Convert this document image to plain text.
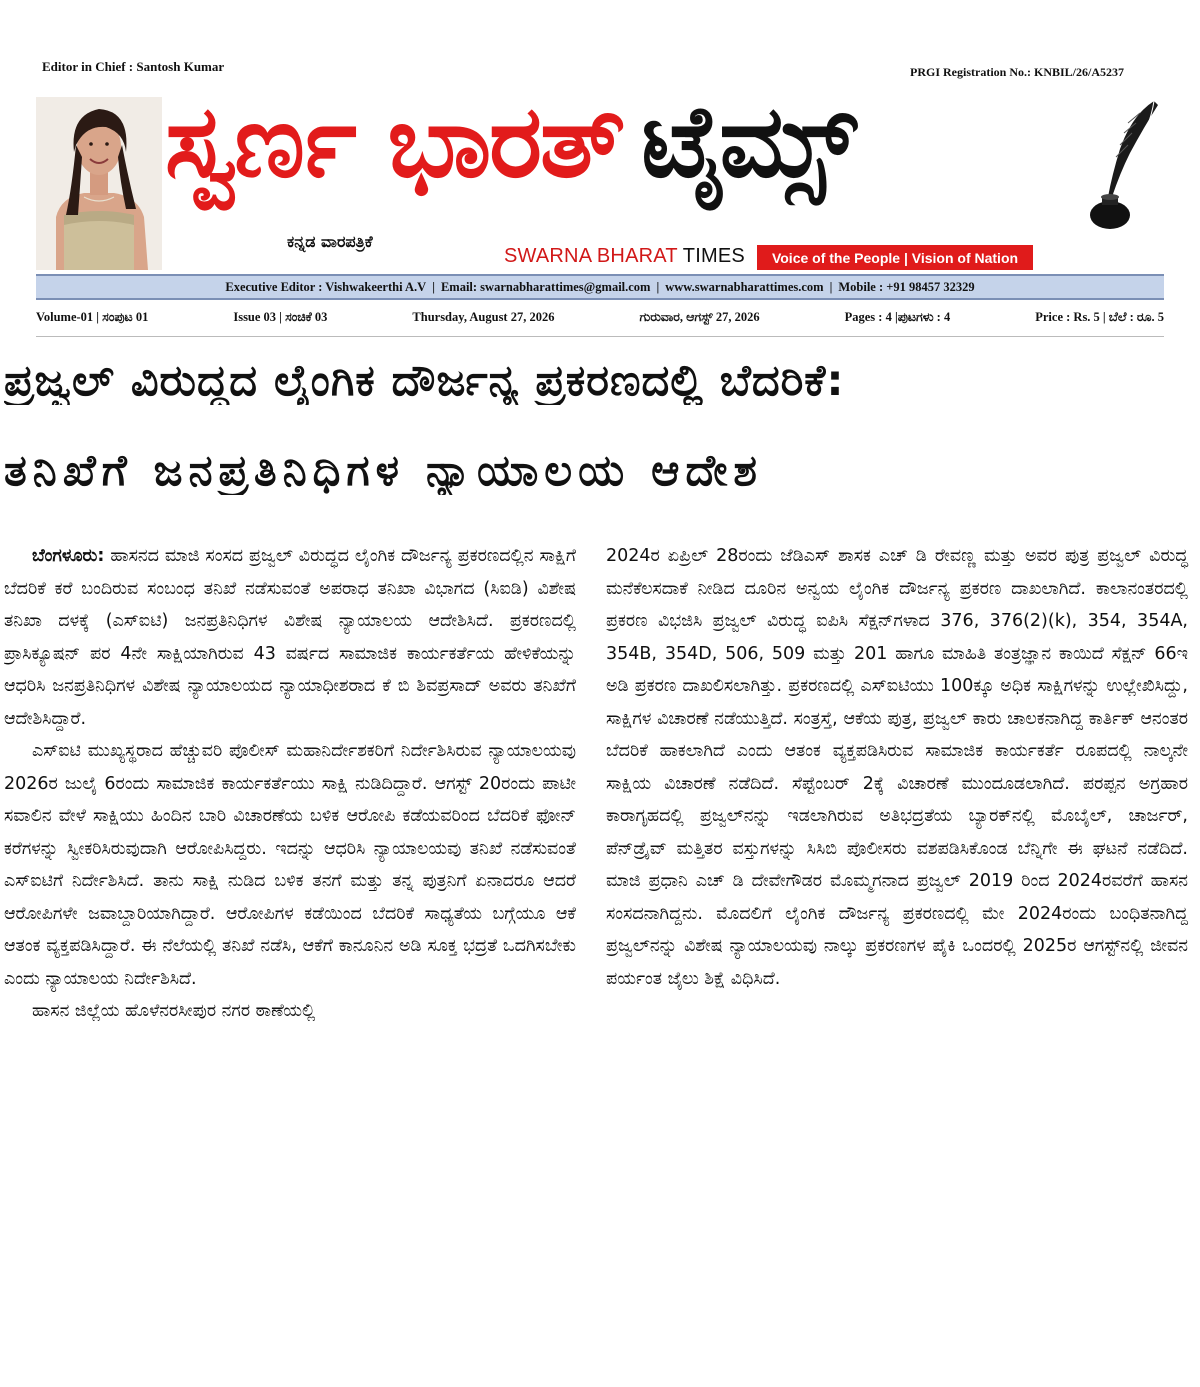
Editor in Chief : Santosh Kumar	PRGI Registration No.: KNBIL/26/A5237
ಸ್ವರ್ಣ ಭಾರತ್ ಟೈಮ್ಸ್
ಕನ್ನಡ ವಾರಪತ್ರಿಕೆ
SWARNA BHARAT TIMES	Voice of the People | Vision of Nation
Executive Editor : Vishwakeerthi A.V | Email: swarnabharattimes@gmail.com | www.swarnabharattimes.com | Mobile : +91 98457 32329
Volume-01 | ಸಂಪುಟ 01	Issue 03 | ಸಂಚಿಕೆ 03	Thursday, August 27, 2026	ಗುರುವಾರ, ಆಗಸ್ಟ್ 27, 2026	Pages : 4 |ಪುಟಗಳು : 4	Price : Rs. 5 | ಬೆಲೆ : ರೂ. 5
ಪ್ರಜ್ವಲ್ ವಿರುದ್ಧದ ಲೈಂಗಿಕ ದೌರ್ಜನ್ಯ ಪ್ರಕರಣದಲ್ಲಿ ಬೆದರಿಕೆ:
ತನಿಖೆಗೆ ಜನಪ್ರತಿನಿಧಿಗಳ ನ್ಯಾಯಾಲಯ ಆದೇಶ

ಬೆಂಗಳೂರು: ಹಾಸನದ ಮಾಜಿ ಸಂಸದ ಪ್ರಜ್ವಲ್ ವಿರುದ್ಧದ ಲೈಂಗಿಕ ದೌರ್ಜನ್ಯ ಪ್ರಕರಣದಲ್ಲಿನ ಸಾಕ್ಷಿಗೆ ಬೆದರಿಕೆ ಕರೆ ಬಂದಿರುವ ಸಂಬಂಧ ತನಿಖೆ ನಡೆಸುವಂತೆ ಅಪರಾಧ ತನಿಖಾ ವಿಭಾಗದ (ಸಿಐಡಿ) ವಿಶೇಷ ತನಿಖಾ ದಳಕ್ಕೆ (ಎಸ್‌ಐಟಿ) ಜನಪ್ರತಿನಿಧಿಗಳ ವಿಶೇಷ ನ್ಯಾಯಾಲಯ ಆದೇಶಿಸಿದೆ. ಪ್ರಕರಣದಲ್ಲಿ ಪ್ರಾಸಿಕ್ಯೂಷನ್ ಪರ 4ನೇ ಸಾಕ್ಷಿಯಾಗಿರುವ 43 ವರ್ಷದ ಸಾಮಾಜಿಕ ಕಾರ್ಯಕರ್ತೆಯ ಹೇಳಿಕೆಯನ್ನು ಆಧರಿಸಿ ಜನಪ್ರತಿನಿಧಿಗಳ ವಿಶೇಷ ನ್ಯಾಯಾಲಯದ ನ್ಯಾಯಾಧೀಶರಾದ ಕೆ ಬಿ ಶಿವಪ್ರಸಾದ್ ಅವರು ತನಿಖೆಗೆ ಆದೇಶಿಸಿದ್ದಾರೆ.

ಎಸ್‌ಐಟಿ ಮುಖ್ಯಸ್ಥರಾದ ಹೆಚ್ಚುವರಿ ಪೊಲೀಸ್ ಮಹಾನಿರ್ದೇಶಕರಿಗೆ ನಿರ್ದೇಶಿಸಿರುವ ನ್ಯಾಯಾಲಯವು 2026ರ ಜುಲೈ 6ರಂದು ಸಾಮಾಜಿಕ ಕಾರ್ಯಕರ್ತೆಯು ಸಾಕ್ಷಿ ನುಡಿದಿದ್ದಾರೆ. ಆಗಸ್ಟ್ 20ರಂದು ಪಾಟೀ ಸವಾಲಿನ ವೇಳೆ ಸಾಕ್ಷಿಯು ಹಿಂದಿನ ಬಾರಿ ವಿಚಾರಣೆಯ ಬಳಿಕ ಆರೋಪಿ ಕಡೆಯವರಿಂದ ಬೆದರಿಕೆ ಫೋನ್ ಕರೆಗಳನ್ನು ಸ್ವೀಕರಿಸಿರುವುದಾಗಿ ಆರೋಪಿಸಿದ್ದರು. ಇದನ್ನು ಆಧರಿಸಿ ನ್ಯಾಯಾಲಯವು ತನಿಖೆ ನಡೆಸುವಂತೆ ಎಸ್‌ಐಟಿಗೆ ನಿರ್ದೇಶಿಸಿದೆ. ತಾನು ಸಾಕ್ಷಿ ನುಡಿದ ಬಳಿಕ ತನಗೆ ಮತ್ತು ತನ್ನ ಪುತ್ರನಿಗೆ ಏನಾದರೂ ಆದರೆ ಆರೋಪಿಗಳೇ ಜವಾಬ್ದಾರಿಯಾಗಿದ್ದಾರೆ. ಆರೋಪಿಗಳ ಕಡೆಯಿಂದ ಬೆದರಿಕೆ ಸಾಧ್ಯತೆಯ ಬಗ್ಗೆಯೂ ಆಕೆ ಆತಂಕ ವ್ಯಕ್ತಪಡಿಸಿದ್ದಾರೆ. ಈ ನೆಲೆಯಲ್ಲಿ ತನಿಖೆ ನಡೆಸಿ, ಆಕೆಗೆ ಕಾನೂನಿನ ಅಡಿ ಸೂಕ್ತ ಭದ್ರತೆ ಒದಗಿಸಬೇಕು ಎಂದು ನ್ಯಾಯಾಲಯ ನಿರ್ದೇಶಿಸಿದೆ.

ಹಾಸನ ಜಿಲ್ಲೆಯ ಹೊಳೆನರಸೀಪುರ ನಗರ ಠಾಣೆಯಲ್ಲಿ

2024ರ ಏಪ್ರಿಲ್ 28ರಂದು ಜೆಡಿಎಸ್ ಶಾಸಕ ಎಚ್ ಡಿ ರೇವಣ್ಣ ಮತ್ತು ಅವರ ಪುತ್ರ ಪ್ರಜ್ವಲ್ ವಿರುದ್ಧ ಮನೆಕೆಲಸದಾಕೆ ನೀಡಿದ ದೂರಿನ ಅನ್ವಯ ಲೈಂಗಿಕ ದೌರ್ಜನ್ಯ ಪ್ರಕರಣ ದಾಖಲಾಗಿದೆ. ಕಾಲಾನಂತರದಲ್ಲಿ ಪ್ರಕರಣ ವಿಭಜಿಸಿ ಪ್ರಜ್ವಲ್ ವಿರುದ್ಧ ಐಪಿಸಿ ಸೆಕ್ಷನ್‌ಗಳಾದ 376, 376(2)(k), 354, 354A, 354B, 354D, 506, 509 ಮತ್ತು 201 ಹಾಗೂ ಮಾಹಿತಿ ತಂತ್ರಜ್ಞಾನ ಕಾಯಿದೆ ಸೆಕ್ಷನ್ 66ಇ ಅಡಿ ಪ್ರಕರಣ ದಾಖಲಿಸಲಾಗಿತ್ತು. ಪ್ರಕರಣದಲ್ಲಿ ಎಸ್‌ಐಟಿಯು 100ಕ್ಕೂ ಅಧಿಕ ಸಾಕ್ಷಿಗಳನ್ನು ಉಲ್ಲೇಖಿಸಿದ್ದು, ಸಾಕ್ಷಿಗಳ ವಿಚಾರಣೆ ನಡೆಯುತ್ತಿದೆ. ಸಂತ್ರಸ್ತೆ, ಆಕೆಯ ಪುತ್ರ, ಪ್ರಜ್ವಲ್ ಕಾರು ಚಾಲಕನಾಗಿದ್ದ ಕಾರ್ತಿಕ್ ಆನಂತರ ಬೆದರಿಕೆ ಹಾಕಲಾಗಿದೆ ಎಂದು ಆತಂಕ ವ್ಯಕ್ತಪಡಿಸಿರುವ ಸಾಮಾಜಿಕ ಕಾರ್ಯಕರ್ತೆ ರೂಪದಲ್ಲಿ ನಾಲ್ಕನೇ ಸಾಕ್ಷಿಯ ವಿಚಾರಣೆ ನಡೆದಿದೆ. ಸೆಪ್ಟೆಂಬರ್ 2ಕ್ಕೆ ವಿಚಾರಣೆ ಮುಂದೂಡಲಾಗಿದೆ. ಪರಪ್ಪನ ಅಗ್ರಹಾರ ಕಾರಾಗೃಹದಲ್ಲಿ ಪ್ರಜ್ವಲ್‌ನನ್ನು ಇಡಲಾಗಿರುವ ಅತಿಭದ್ರತೆಯ ಬ್ಯಾರಕ್‌ನಲ್ಲಿ ಮೊಬೈಲ್, ಚಾರ್ಜರ್, ಪೆನ್‌ಡ್ರೈವ್ ಮತ್ತಿತರ ವಸ್ತುಗಳನ್ನು ಸಿಸಿಬಿ ಪೊಲೀಸರು ವಶಪಡಿಸಿಕೊಂಡ ಬೆನ್ನಿಗೇ ಈ ಘಟನೆ ನಡೆದಿದೆ. ಮಾಜಿ ಪ್ರಧಾನಿ ಎಚ್ ಡಿ ದೇವೇಗೌಡರ ಮೊಮ್ಮಗನಾದ ಪ್ರಜ್ವಲ್ 2019 ರಿಂದ 2024ರವರೆಗೆ ಹಾಸನ ಸಂಸದನಾಗಿದ್ದನು. ಮೊದಲಿಗೆ ಲೈಂಗಿಕ ದೌರ್ಜನ್ಯ ಪ್ರಕರಣದಲ್ಲಿ ಮೇ 2024ರಂದು ಬಂಧಿತನಾಗಿದ್ದ ಪ್ರಜ್ವಲ್‌ನನ್ನು ವಿಶೇಷ ನ್ಯಾಯಾಲಯವು ನಾಲ್ಕು ಪ್ರಕರಣಗಳ ಪೈಕಿ ಒಂದರಲ್ಲಿ 2025ರ ಆಗಸ್ಟ್‌ನಲ್ಲಿ ಜೀವನ ಪರ್ಯಂತ ಜೈಲು ಶಿಕ್ಷೆ ವಿಧಿಸಿದೆ.
